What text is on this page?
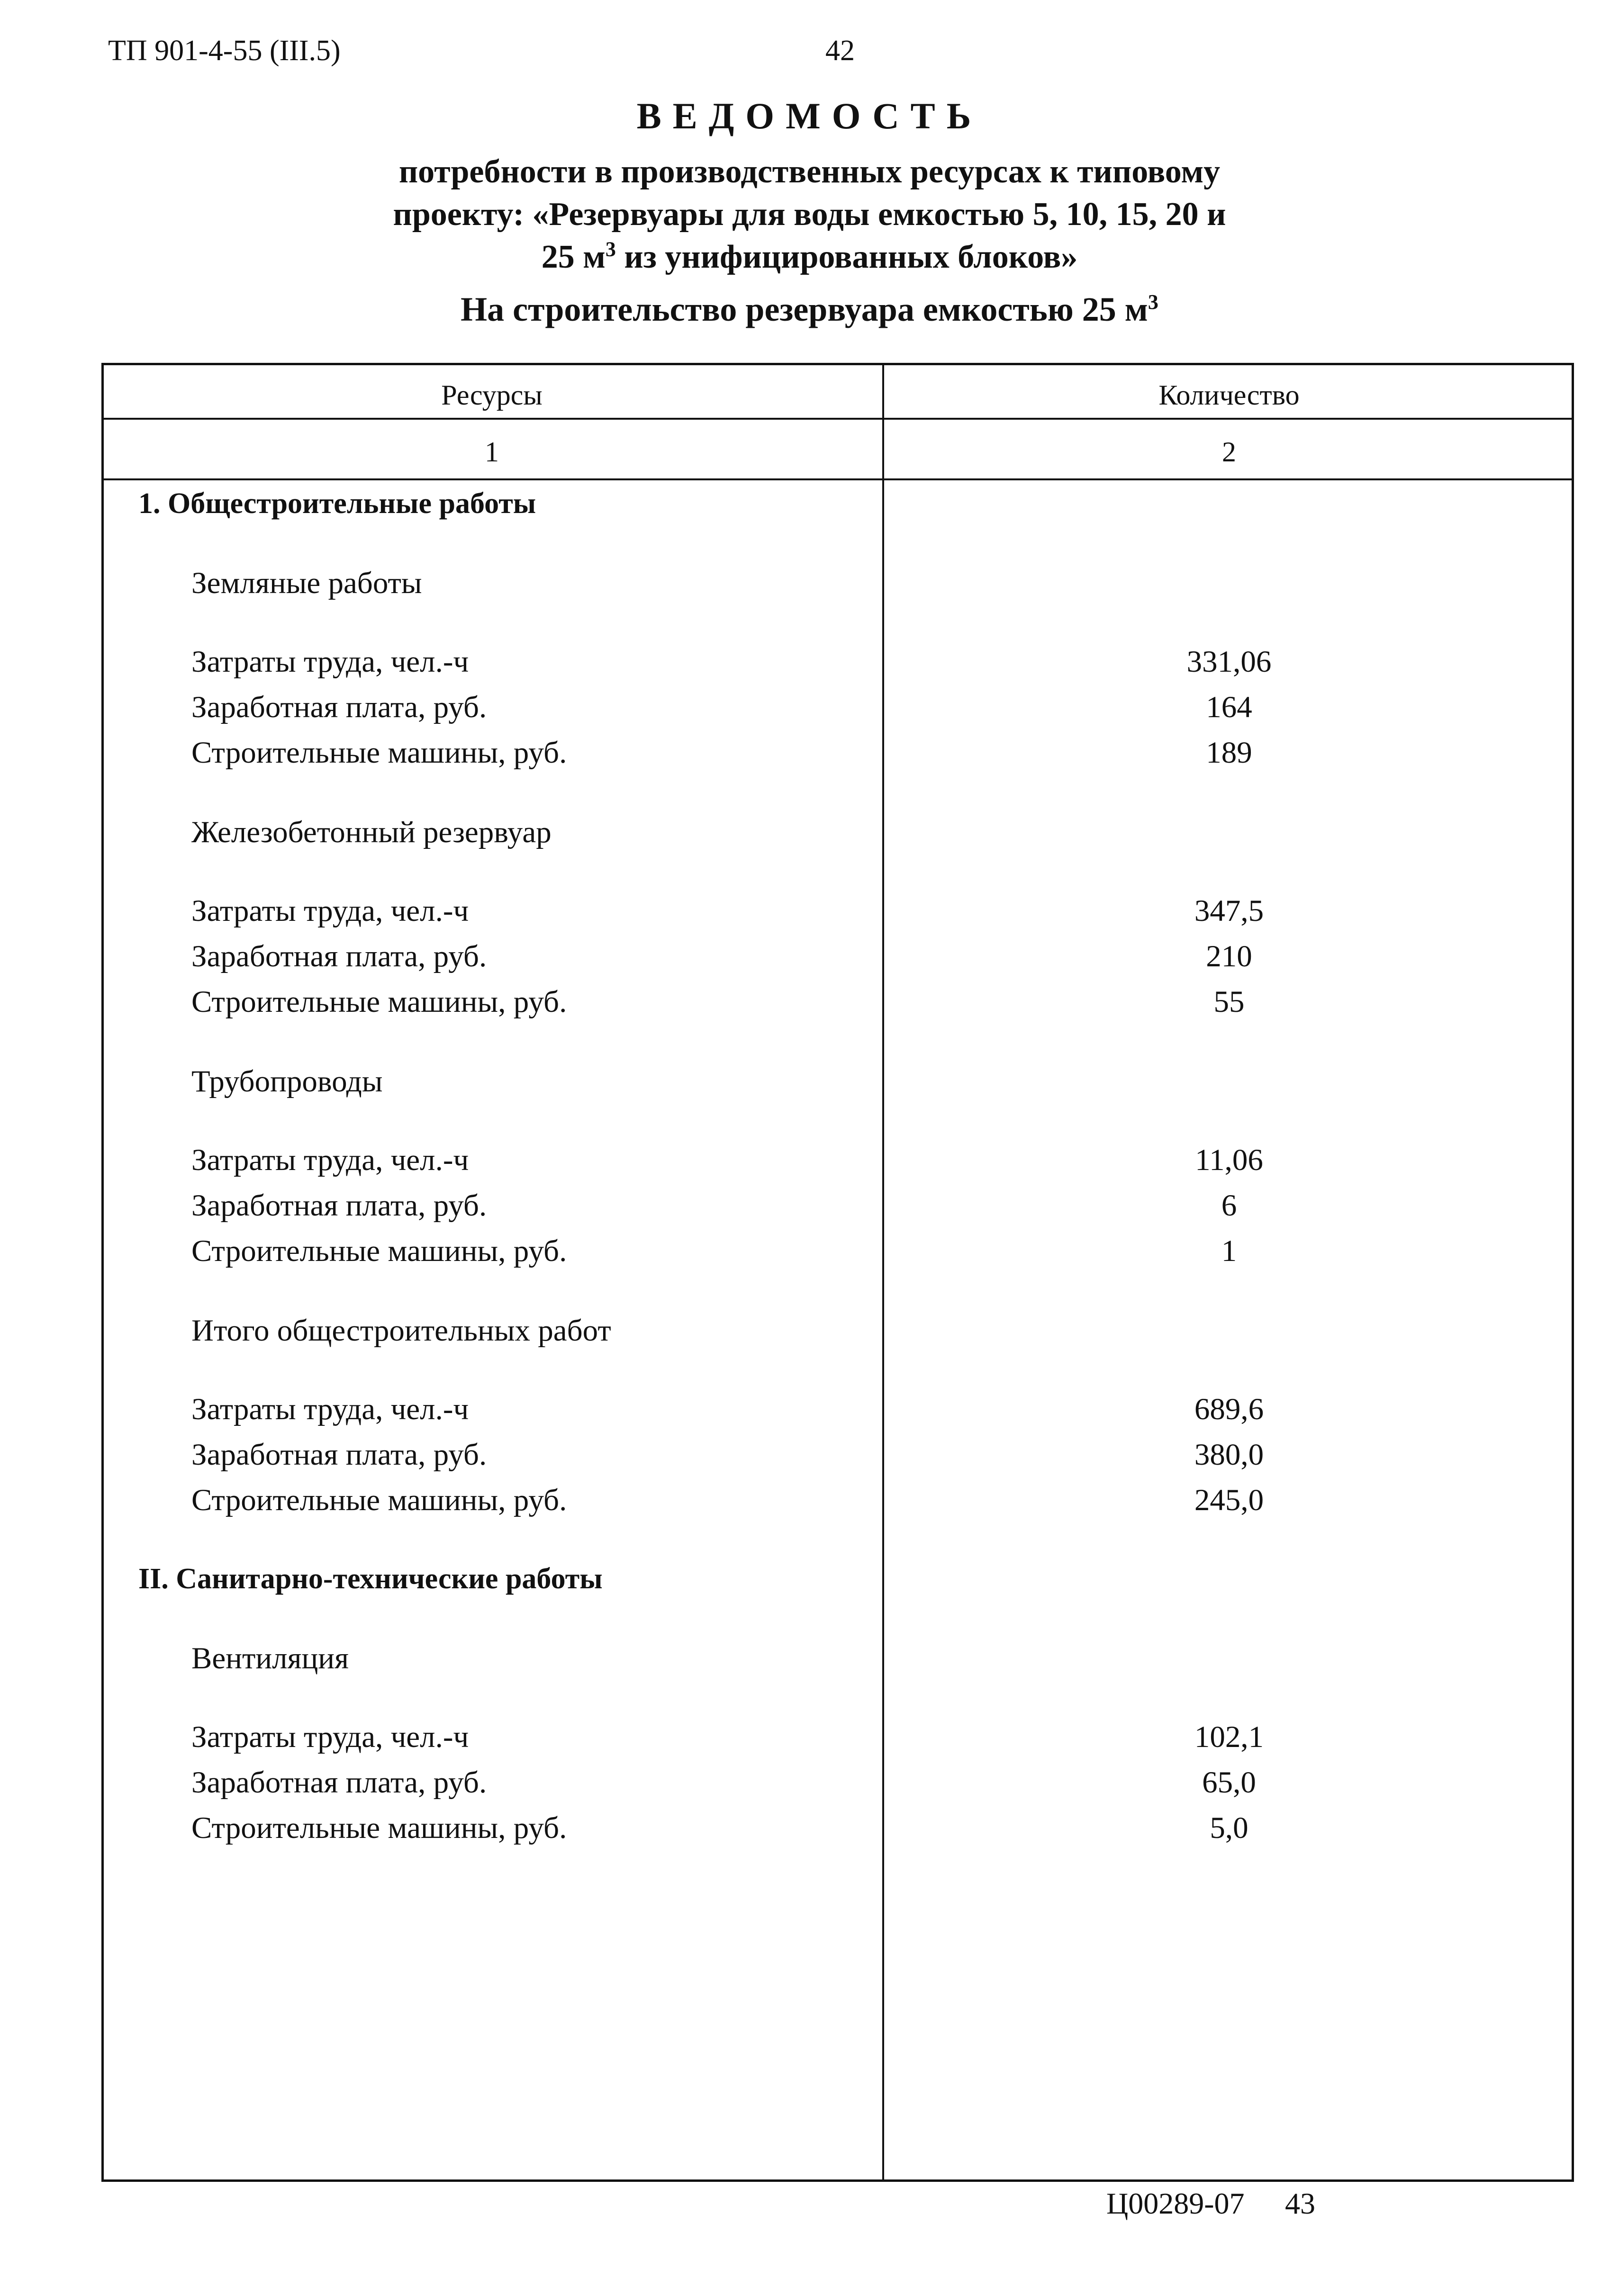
ТП 901-4-55 (III.5)	42
ВЕДОМОСТЬ
потребности в производственных ресурсах к типовому
проекту: «Резервуары для воды емкостью 5, 10, 15, 20 и
25 $м^3$ из унифицированных блоков»
На строительство резервуара емкостью 25 $м^3$
Ресурсы	Количество
1	2
1. Общестроительные работы
Земляные работы
Затраты труда, чел.-ч	331,06
Заработная плата, руб.	164
Строительные машины, руб.	189
Железобетонный резервуар
Затраты труда, чел.-ч	347,5
Заработная плата, руб.	210
Строительные машины, руб.	55
Трубопроводы
Затраты труда, чел.-ч	11,06
Заработная плата, руб.	6
Строительные машины, руб.	1
Итого общестроительных работ
Затраты труда, чел.-ч	689,6
Заработная плата, руб.	380,0
Строительные машины, руб.	245,0
II. Санитарно-технические работы
Вентиляция
Затраты труда, чел.-ч	102,1
Заработная плата, руб.	65,0
Строительные машины, руб.	5,0
Ц00289-07 43
